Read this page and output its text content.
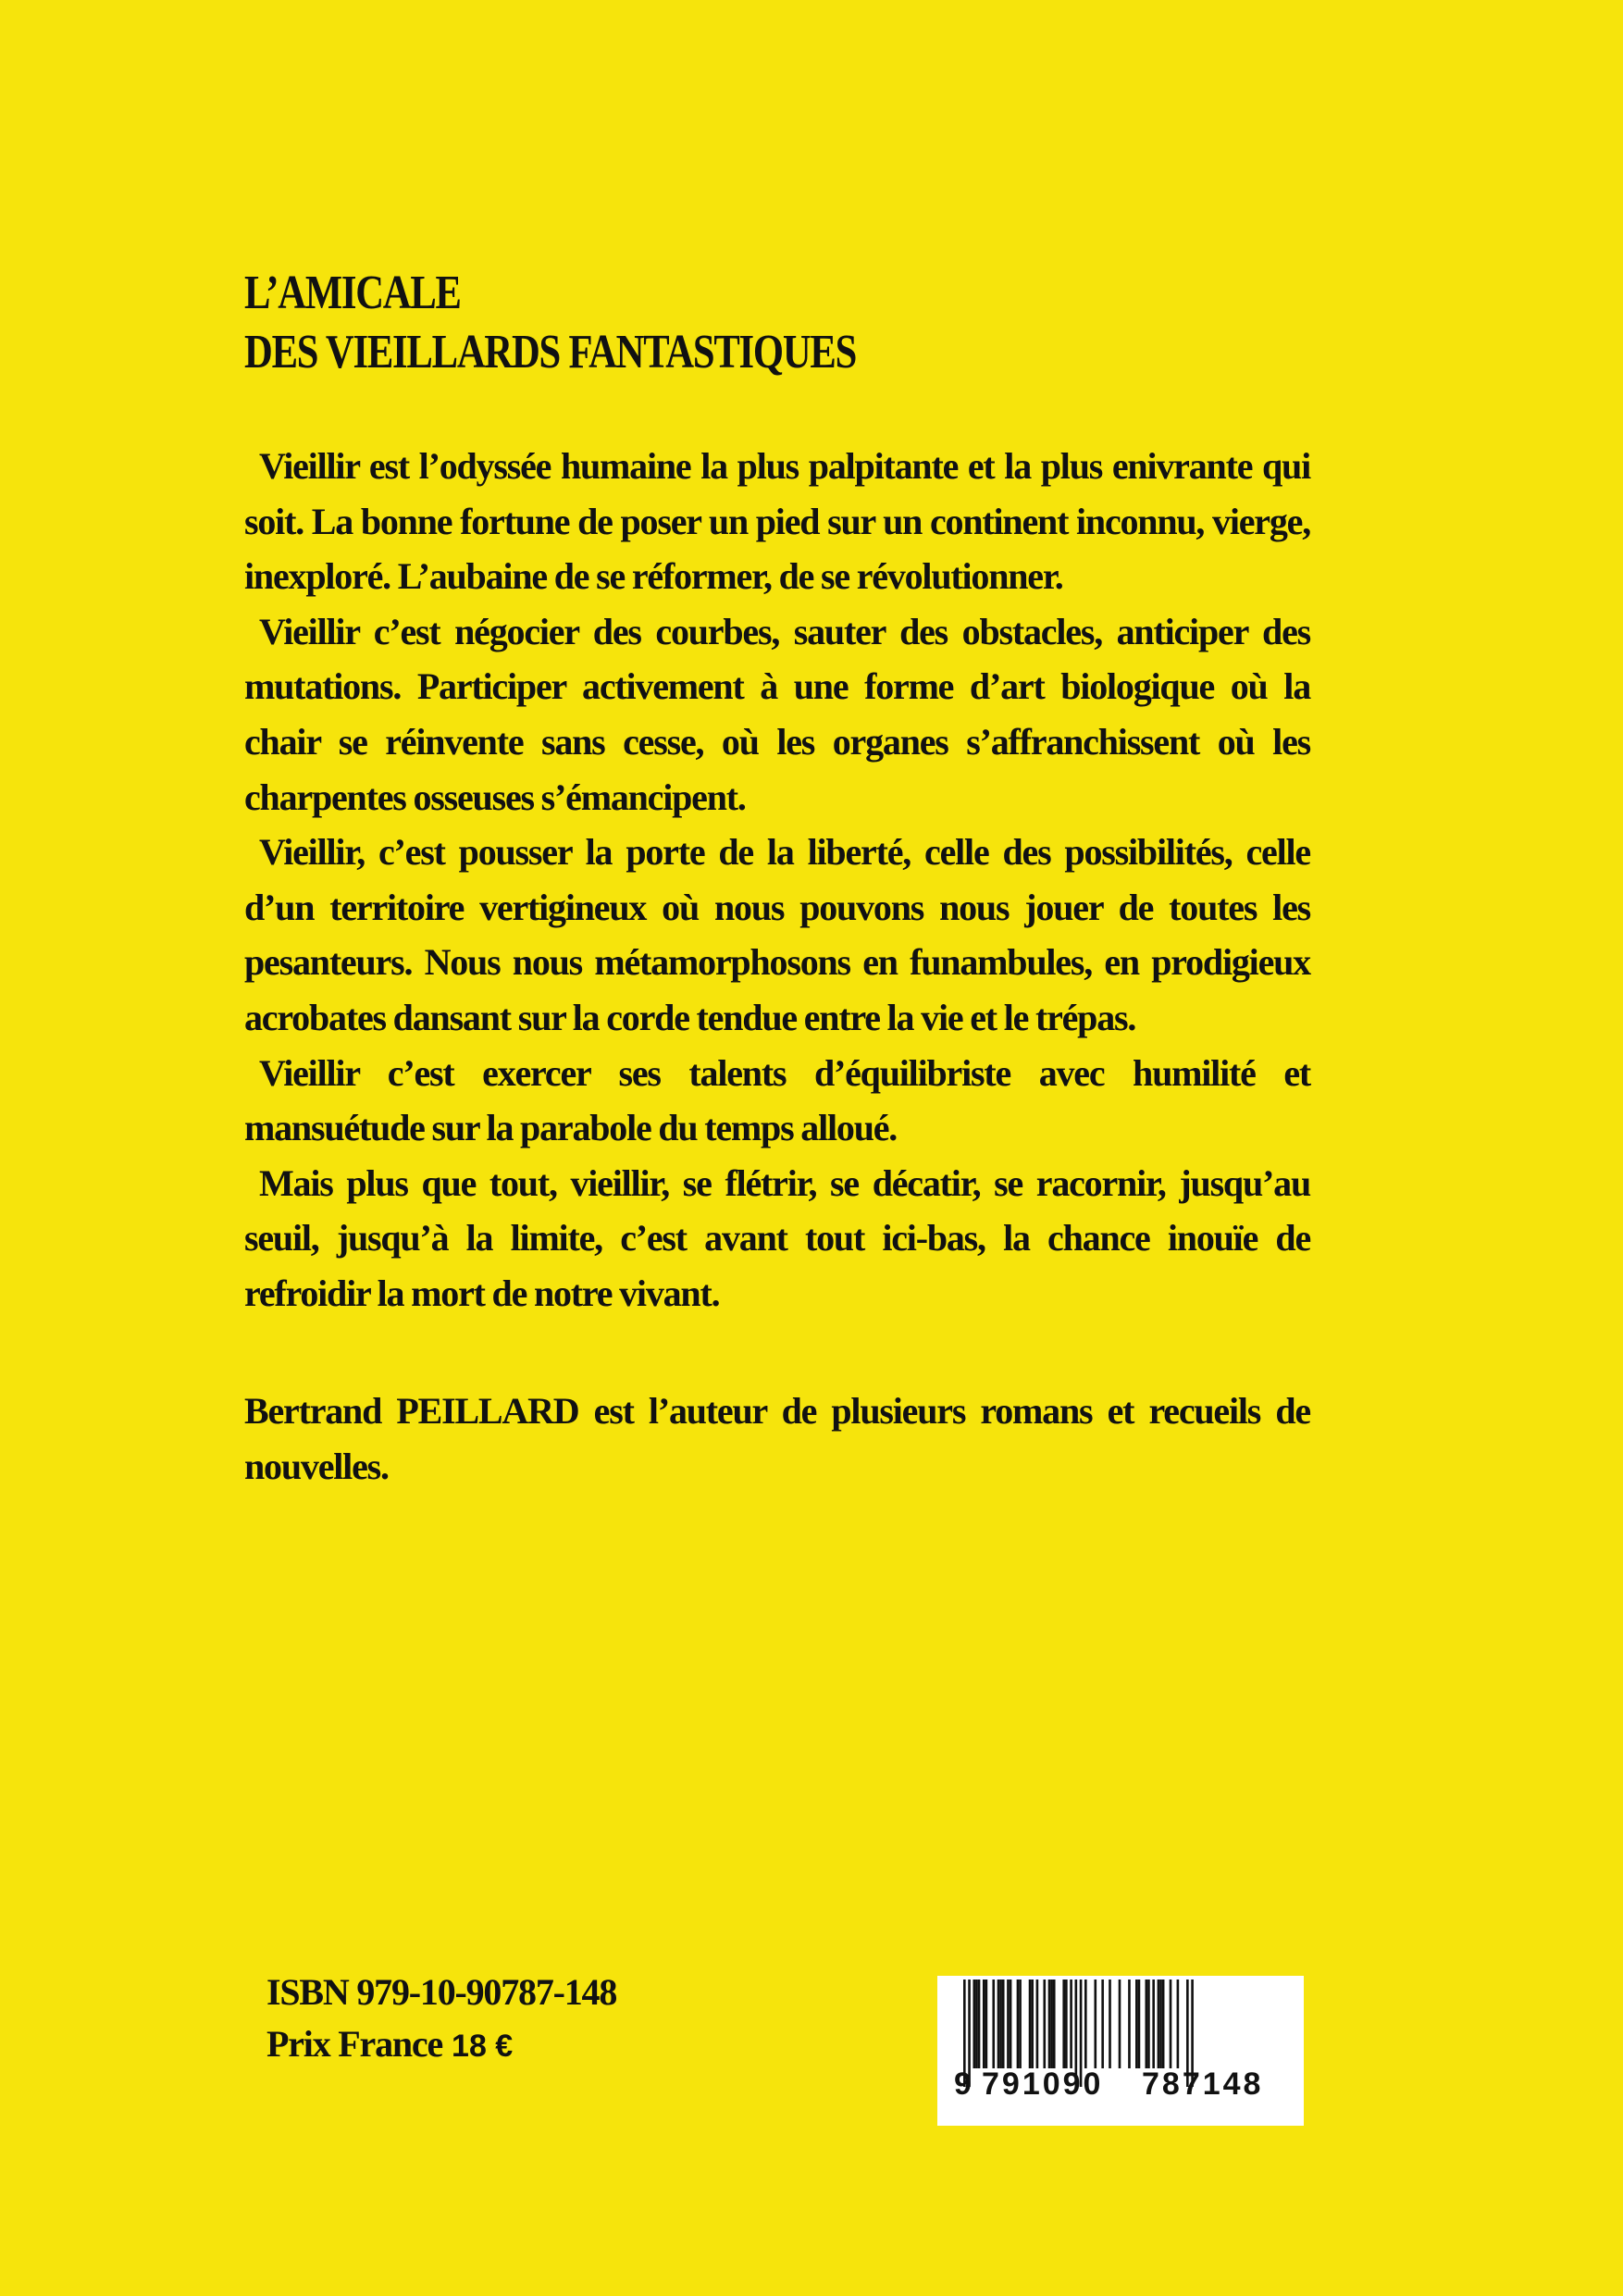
L’AMICALE
DES VIEILLARDS FANTASTIQUES

Vieillir est l’odyssée humaine la plus palpitante et la plus enivrante qui soit. La bonne fortune de poser un pied sur un continent inconnu, vierge, inexploré. L’aubaine de se réformer, de se révolutionner.

Vieillir c’est négocier des courbes, sauter des obstacles, anticiper des mutations. Participer activement à une forme d’art biologique où la chair se réinvente sans cesse, où les organes s’affranchissent où les charpentes osseuses s’émancipent.

Vieillir, c’est pousser la porte de la liberté, celle des possibilités, celle d’un territoire vertigineux où nous pouvons nous jouer de toutes les pesanteurs. Nous nous métamorphosons en funambules, en prodigieux acrobates dansant sur la corde tendue entre la vie et le trépas.

Vieillir c’est exercer ses talents d’équilibriste avec humilité et mansuétude sur la parabole du temps alloué.

Mais plus que tout, vieillir, se flétrir, se décatir, se racornir, jusqu’au seuil, jusqu’à la limite, c’est avant tout ici-bas, la chance inouïe de refroidir la mort de notre vivant.

Bertrand PEILLARD est l’auteur de plusieurs romans et recueils de nouvelles.

ISBN 979-10-90787-148
Prix France 18 €
9 791090 787148
